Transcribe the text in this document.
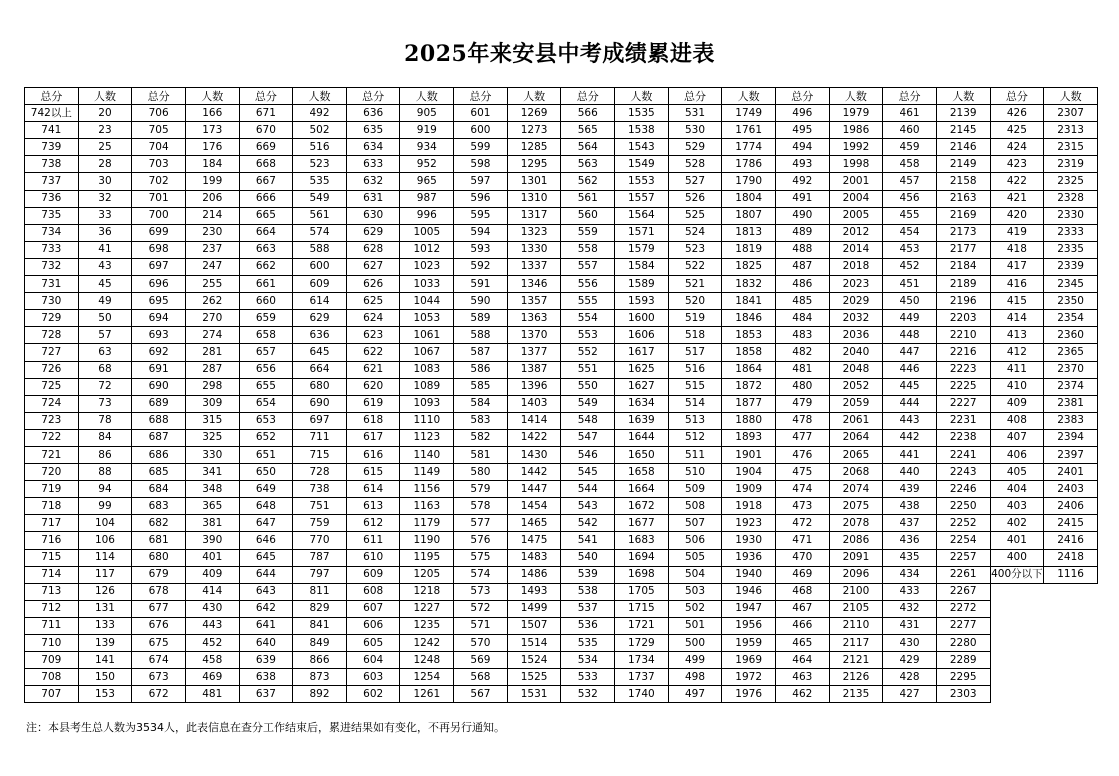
2025年来安县中考成绩累进表
总分	人数	总分	人数	总分	人数	总分	人数	总分	人数	总分	人数	总分	人数	总分	人数	总分	人数	总分	人数
742以上	20	706	166	671	492	636	905	601	1269	566	1535	531	1749	496	1979	461	2139	426	2307
741	23	705	173	670	502	635	919	600	1273	565	1538	530	1761	495	1986	460	2145	425	2313
739	25	704	176	669	516	634	934	599	1285	564	1543	529	1774	494	1992	459	2146	424	2315
738	28	703	184	668	523	633	952	598	1295	563	1549	528	1786	493	1998	458	2149	423	2319
737	30	702	199	667	535	632	965	597	1301	562	1553	527	1790	492	2001	457	2158	422	2325
736	32	701	206	666	549	631	987	596	1310	561	1557	526	1804	491	2004	456	2163	421	2328
735	33	700	214	665	561	630	996	595	1317	560	1564	525	1807	490	2005	455	2169	420	2330
734	36	699	230	664	574	629	1005	594	1323	559	1571	524	1813	489	2012	454	2173	419	2333
733	41	698	237	663	588	628	1012	593	1330	558	1579	523	1819	488	2014	453	2177	418	2335
732	43	697	247	662	600	627	1023	592	1337	557	1584	522	1825	487	2018	452	2184	417	2339
731	45	696	255	661	609	626	1033	591	1346	556	1589	521	1832	486	2023	451	2189	416	2345
730	49	695	262	660	614	625	1044	590	1357	555	1593	520	1841	485	2029	450	2196	415	2350
729	50	694	270	659	629	624	1053	589	1363	554	1600	519	1846	484	2032	449	2203	414	2354
728	57	693	274	658	636	623	1061	588	1370	553	1606	518	1853	483	2036	448	2210	413	2360
727	63	692	281	657	645	622	1067	587	1377	552	1617	517	1858	482	2040	447	2216	412	2365
726	68	691	287	656	664	621	1083	586	1387	551	1625	516	1864	481	2048	446	2223	411	2370
725	72	690	298	655	680	620	1089	585	1396	550	1627	515	1872	480	2052	445	2225	410	2374
724	73	689	309	654	690	619	1093	584	1403	549	1634	514	1877	479	2059	444	2227	409	2381
723	78	688	315	653	697	618	1110	583	1414	548	1639	513	1880	478	2061	443	2231	408	2383
722	84	687	325	652	711	617	1123	582	1422	547	1644	512	1893	477	2064	442	2238	407	2394
721	86	686	330	651	715	616	1140	581	1430	546	1650	511	1901	476	2065	441	2241	406	2397
720	88	685	341	650	728	615	1149	580	1442	545	1658	510	1904	475	2068	440	2243	405	2401
719	94	684	348	649	738	614	1156	579	1447	544	1664	509	1909	474	2074	439	2246	404	2403
718	99	683	365	648	751	613	1163	578	1454	543	1672	508	1918	473	2075	438	2250	403	2406
717	104	682	381	647	759	612	1179	577	1465	542	1677	507	1923	472	2078	437	2252	402	2415
716	106	681	390	646	770	611	1190	576	1475	541	1683	506	1930	471	2086	436	2254	401	2416
715	114	680	401	645	787	610	1195	575	1483	540	1694	505	1936	470	2091	435	2257	400	2418
714	117	679	409	644	797	609	1205	574	1486	539	1698	504	1940	469	2096	434	2261	400分以下	1116
713	126	678	414	643	811	608	1218	573	1493	538	1705	503	1946	468	2100	433	2267		
712	131	677	430	642	829	607	1227	572	1499	537	1715	502	1947	467	2105	432	2272		
711	133	676	443	641	841	606	1235	571	1507	536	1721	501	1956	466	2110	431	2277		
710	139	675	452	640	849	605	1242	570	1514	535	1729	500	1959	465	2117	430	2280		
709	141	674	458	639	866	604	1248	569	1524	534	1734	499	1969	464	2121	429	2289		
708	150	673	469	638	873	603	1254	568	1525	533	1737	498	1972	463	2126	428	2295		
707	153	672	481	637	892	602	1261	567	1531	532	1740	497	1976	462	2135	427	2303		
注：本县考生总人数为3534人，此表信息在查分工作结束后，累进结果如有变化，不再另行通知。
